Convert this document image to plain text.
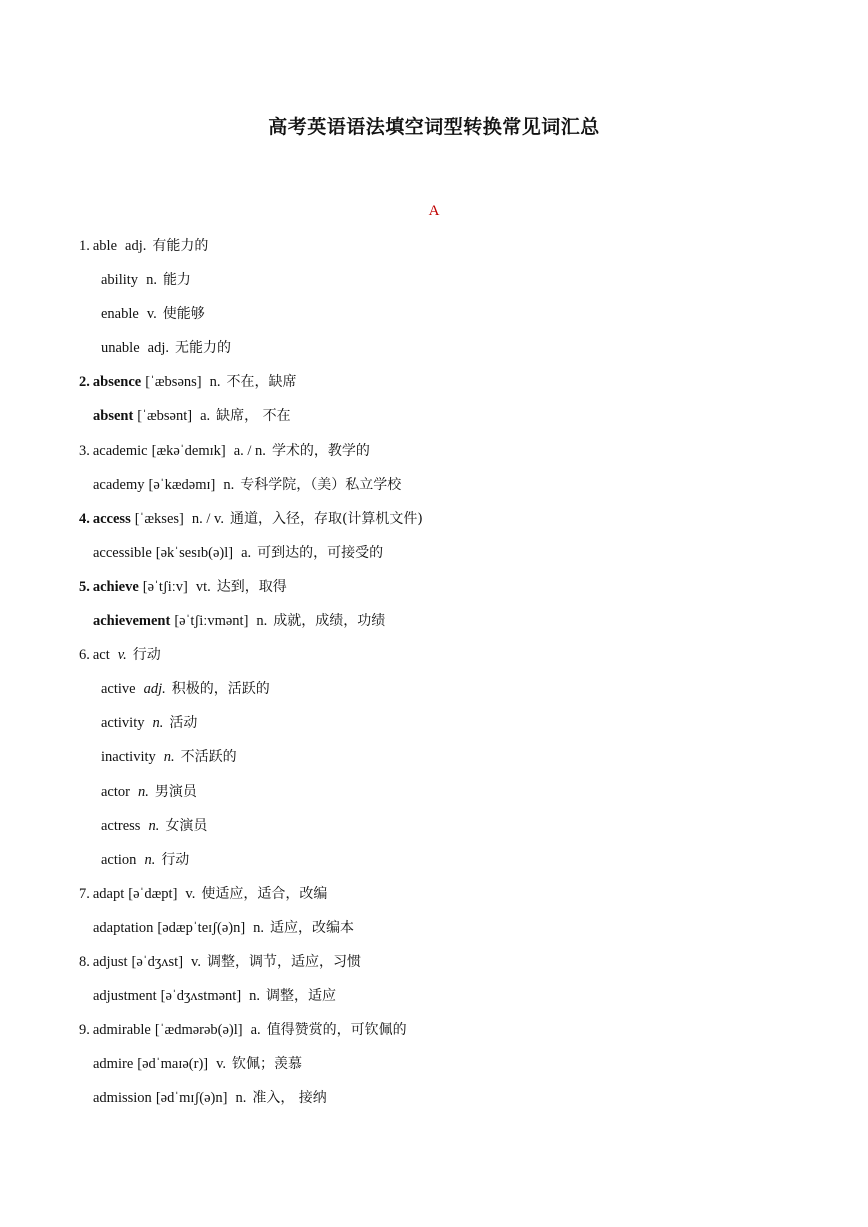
高考英语语法填空词型转换常见词汇总
A
1. able adj. 有能力的
ability n. 能力
enable v. 使能够
unable adj. 无能力的
2. absence [ˈæbsəns] n. 不在，缺席
absent [ˈæbsənt] a. 缺席， 不在
3. academic [ækəˈdemɪk] a. / n. 学术的，教学的
academy [əˈkædəmɪ] n. 专科学院，（美）私立学校
4. access [ˈækses] n. / v. 通道，入径，存取(计算机文件)
accessible [əkˈsesɪb(ə)l] a. 可到达的，可接受的
5. achieve [əˈtʃiːv] vt. 达到，取得
achievement [əˈtʃiːvmənt] n. 成就，成绩，功绩
6. act v. 行动
active adj. 积极的，活跃的
activity n. 活动
inactivity n. 不活跃的
actor n. 男演员
actress n. 女演员
action n. 行动
7. adapt [əˈdæpt] v. 使适应，适合，改编
adaptation [ədæpˈteɪʃ(ə)n] n. 适应，改编本
8. adjust [əˈdʒʌst] v. 调整，调节，适应，习惯
adjustment [əˈdʒʌstmənt] n. 调整，适应
9. admirable [ˈædmərəb(ə)l] a. 值得赞赏的，可钦佩的
admire [ədˈmaɪə(r)] v. 钦佩；羡慕
admission [ədˈmɪʃ(ə)n] n. 准入， 接纳
